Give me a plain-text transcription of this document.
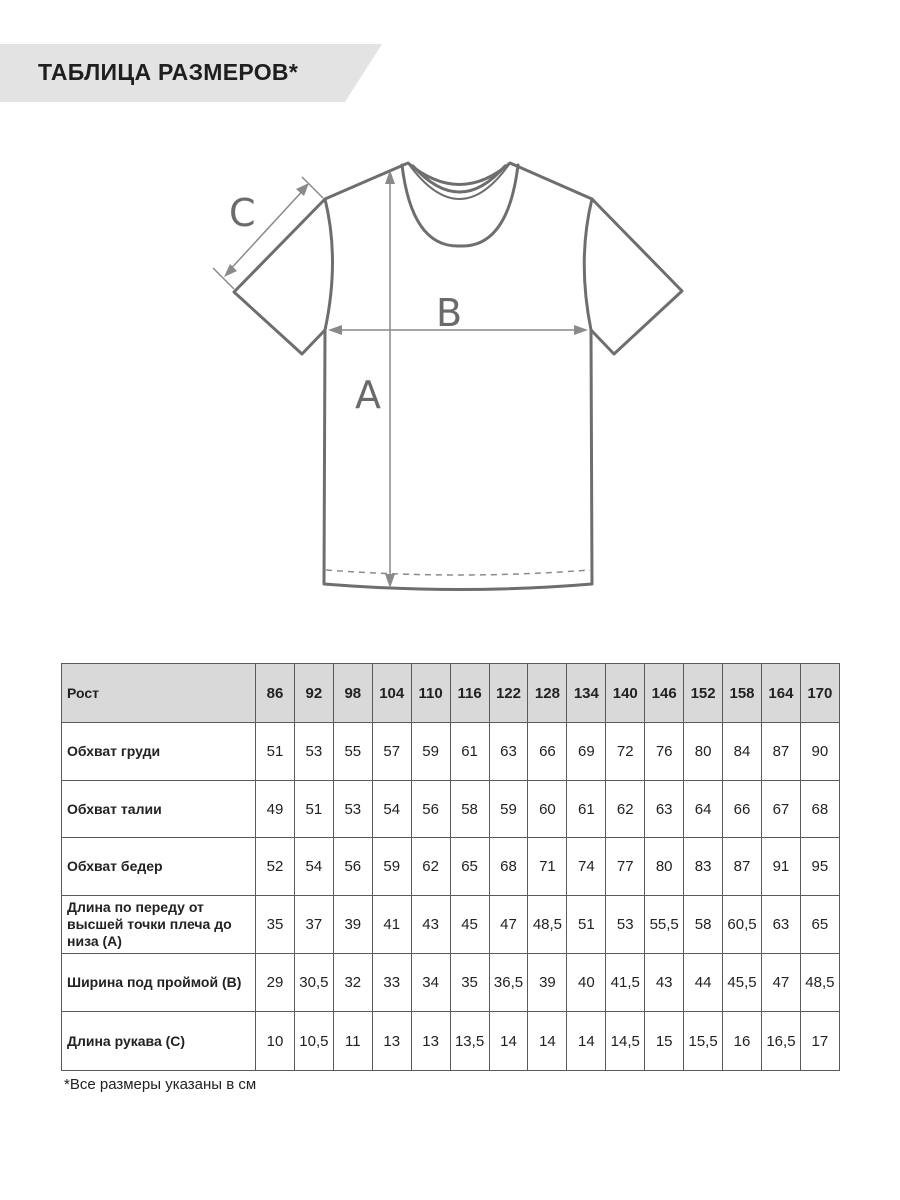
ТАБЛИЦА РАЗМЕРОВ*
C
B
A
Рост	86	92	98	104	110	116	122	128	134	140	146	152	158	164	170
Обхват груди	51	53	55	57	59	61	63	66	69	72	76	80	84	87	90
Обхват талии	49	51	53	54	56	58	59	60	61	62	63	64	66	67	68
Обхват бедер	52	54	56	59	62	65	68	71	74	77	80	83	87	91	95
Длина по переду от высшей точки плеча до низа (А)	35	37	39	41	43	45	47	48,5	51	53	55,5	58	60,5	63	65
Ширина под проймой (B)	29	30,5	32	33	34	35	36,5	39	40	41,5	43	44	45,5	47	48,5
Длина рукава (С)	10	10,5	11	13	13	13,5	14	14	14	14,5	15	15,5	16	16,5	17
*Все размеры указаны в см
